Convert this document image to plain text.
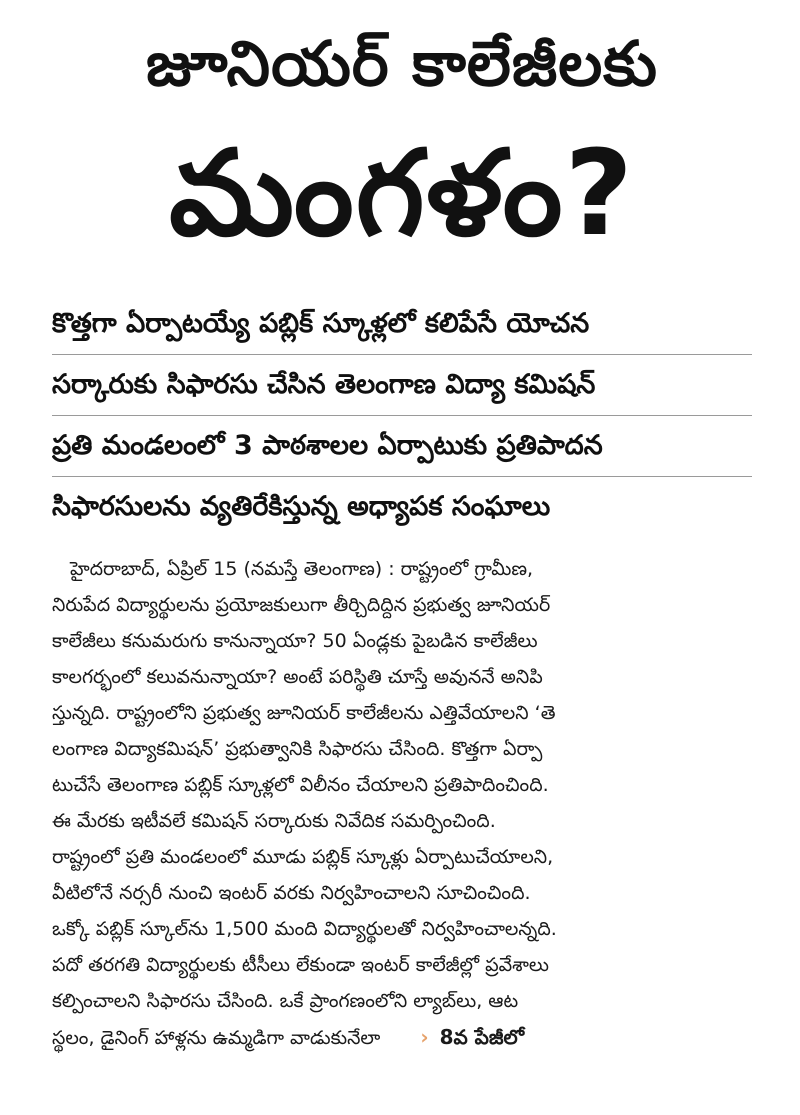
జూనియర్ కాలేజీలకు
మంగళం?
కొత్తగా ఏర్పాటయ్యే పబ్లిక్ స్కూళ్లలో కలిపేసే యోచన
సర్కారుకు సిఫారసు చేసిన తెలంగాణ విద్యా కమిషన్
ప్రతి మండలంలో 3 పాఠశాలల ఏర్పాటుకు ప్రతిపాదన
సిఫారసులను వ్యతిరేకిస్తున్న అధ్యాపక సంఘాలు
హైదరాబాద్, ఏప్రిల్ 15 (నమస్తే తెలంగాణ) : రాష్ట్రంలో గ్రామీణ,
నిరుపేద విద్యార్థులను ప్రయోజకులుగా తీర్చిదిద్దిన ప్రభుత్వ జూనియర్
కాలేజీలు కనుమరుగు కానున్నాయా? 50 ఏండ్లకు పైబడిన కాలేజీలు
కాలగర్భంలో కలువనున్నాయా? అంటే పరిస్థితి చూస్తే అవుననే అనిపి
స్తున్నది. రాష్ట్రంలోని ప్రభుత్వ జూనియర్ కాలేజీలను ఎత్తివేయాలని ‘తె
లంగాణ విద్యాకమిషన్’ ప్రభుత్వానికి సిఫారసు చేసింది. కొత్తగా ఏర్పా
టుచేసే తెలంగాణ పబ్లిక్ స్కూళ్లలో విలీనం చేయాలని ప్రతిపాదించింది.
ఈ మేరకు ఇటీవలే కమిషన్ సర్కారుకు నివేదిక సమర్పించింది.
రాష్ట్రంలో ప్రతి మండలంలో మూడు పబ్లిక్ స్కూళ్లు ఏర్పాటుచేయాలని,
వీటిలోనే నర్సరీ నుంచి ఇంటర్ వరకు నిర్వహించాలని సూచించింది.
ఒక్కో పబ్లిక్ స్కూల్‌ను 1,500 మంది విద్యార్థులతో నిర్వహించాలన్నది.
పదో తరగతి విద్యార్థులకు టీసీలు లేకుండా ఇంటర్ కాలేజీల్లో ప్రవేశాలు
కల్పించాలని సిఫారసు చేసింది. ఒకే ప్రాంగణంలోని ల్యాబ్‌లు, ఆట
స్థలం, డైనింగ్ హాళ్లను ఉమ్మడిగా వాడుకునేలా › 8వ పేజీలో
